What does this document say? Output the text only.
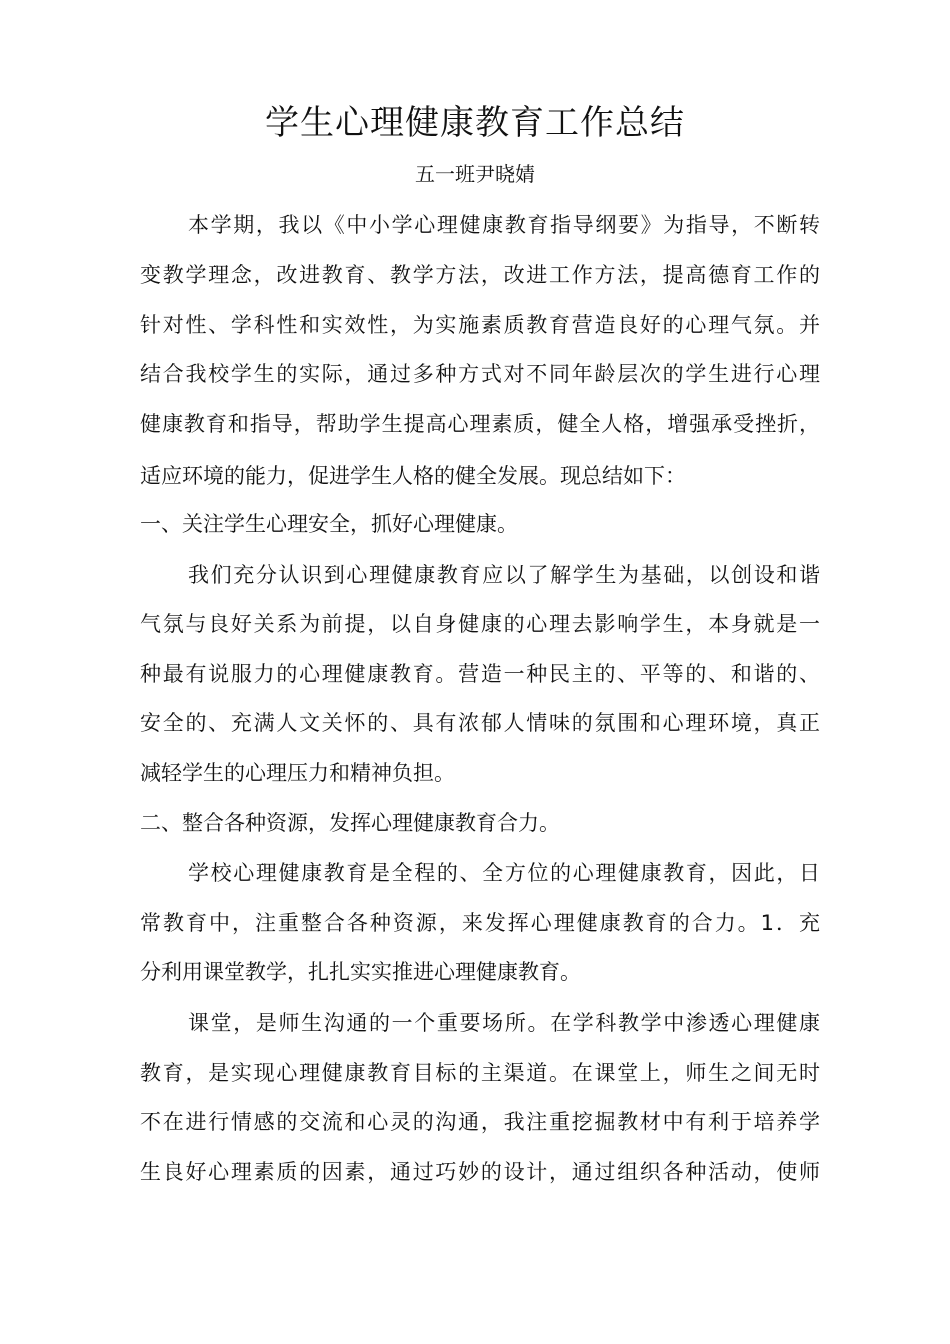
学生心理健康教育工作总结
五一班尹晓婧
本学期，我以《中小学心理健康教育指导纲要》为指导，不断转
变教学理念，改进教育、教学方法，改进工作方法，提高德育工作的
针对性、学科性和实效性，为实施素质教育营造良好的心理气氛。并
结合我校学生的实际，通过多种方式对不同年龄层次的学生进行心理
健康教育和指导，帮助学生提高心理素质，健全人格，增强承受挫折，
适应环境的能力，促进学生人格的健全发展。现总结如下：
一、关注学生心理安全，抓好心理健康。
我们充分认识到心理健康教育应以了解学生为基础，以创设和谐
气氛与良好关系为前提，以自身健康的心理去影响学生，本身就是一
种最有说服力的心理健康教育。营造一种民主的、平等的、和谐的、
安全的、充满人文关怀的、具有浓郁人情味的氛围和心理环境，真正
减轻学生的心理压力和精神负担。
二、整合各种资源，发挥心理健康教育合力。
学校心理健康教育是全程的、全方位的心理健康教育，因此，日
常教育中，注重整合各种资源，来发挥心理健康教育的合力。1．充
分利用课堂教学，扎扎实实推进心理健康教育。
课堂，是师生沟通的一个重要场所。在学科教学中渗透心理健康
教育，是实现心理健康教育目标的主渠道。在课堂上，师生之间无时
不在进行情感的交流和心灵的沟通，我注重挖掘教材中有利于培养学
生良好心理素质的因素，通过巧妙的设计，通过组织各种活动，使师
